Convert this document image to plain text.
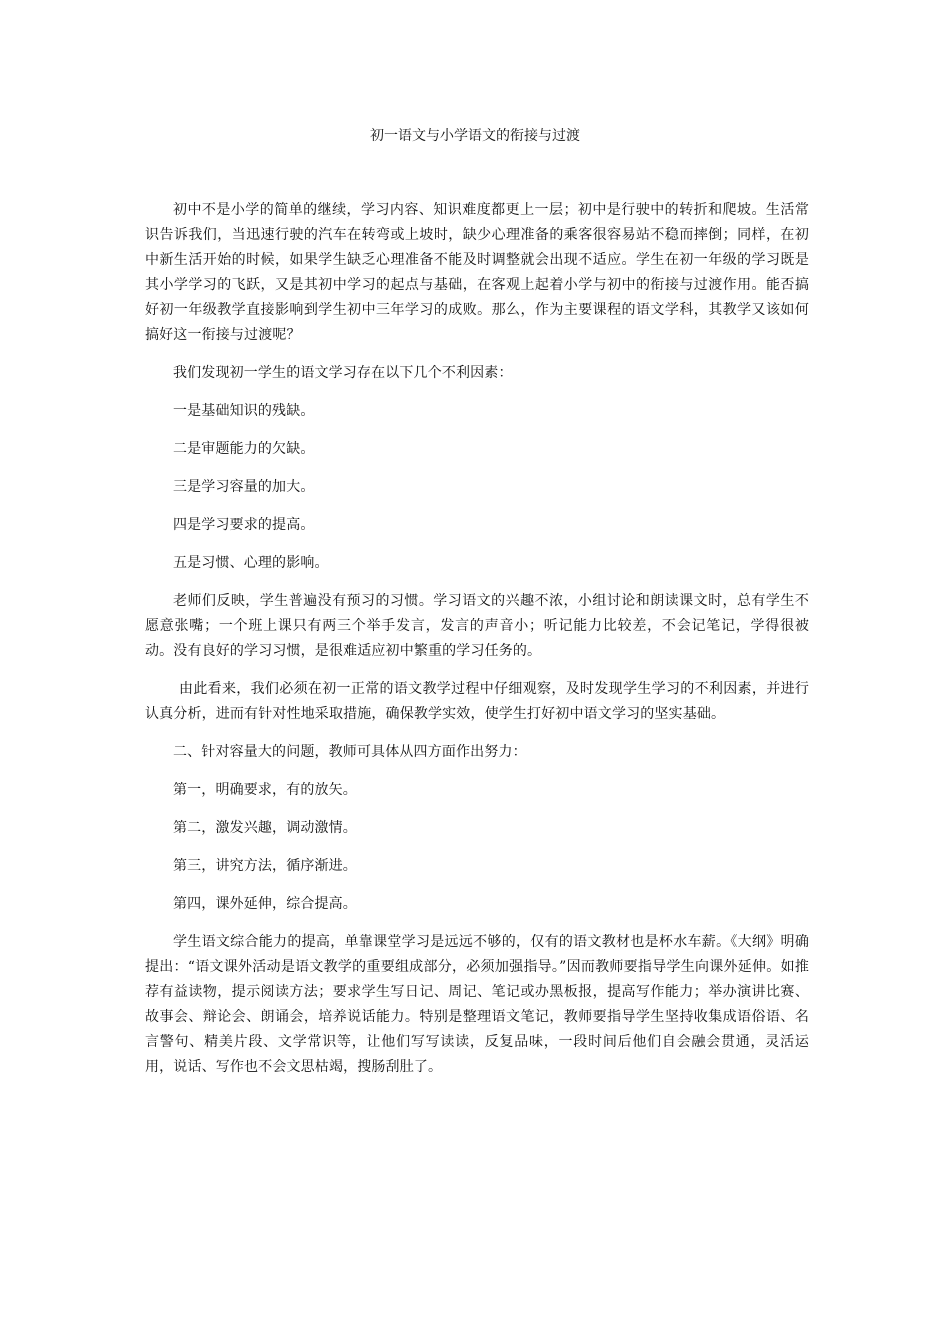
初一语文与小学语文的衔接与过渡

初中不是小学的简单的继续，学习内容、知识难度都更上一层；初中是行驶中的转折和爬坡。生活常识告诉我们，当迅速行驶的汽车在转弯或上坡时，缺少心理准备的乘客很容易站不稳而摔倒；同样，在初中新生活开始的时候，如果学生缺乏心理准备不能及时调整就会出现不适应。学生在初一年级的学习既是其小学学习的飞跃，又是其初中学习的起点与基础，在客观上起着小学与初中的衔接与过渡作用。能否搞好初一年级教学直接影响到学生初中三年学习的成败。那么，作为主要课程的语文学科，其教学又该如何搞好这一衔接与过渡呢？

我们发现初一学生的语文学习存在以下几个不利因素：

一是基础知识的残缺。

二是审题能力的欠缺。

三是学习容量的加大。

四是学习要求的提高。

五是习惯、心理的影响。

老师们反映，学生普遍没有预习的习惯。学习语文的兴趣不浓，小组讨论和朗读课文时，总有学生不愿意张嘴；一个班上课只有两三个举手发言，发言的声音小；听记能力比较差，不会记笔记，学得很被动。没有良好的学习习惯，是很难适应初中繁重的学习任务的。

由此看来，我们必须在初一正常的语文教学过程中仔细观察，及时发现学生学习的不利因素，并进行认真分析，进而有针对性地采取措施，确保教学实效，使学生打好初中语文学习的坚实基础。

二、针对容量大的问题，教师可具体从四方面作出努力：

第一，明确要求，有的放矢。

第二，激发兴趣，调动激情。

第三，讲究方法，循序渐进。

第四，课外延伸，综合提高。

学生语文综合能力的提高，单靠课堂学习是远远不够的，仅有的语文教材也是杯水车薪。《大纲》明确提出：“语文课外活动是语文教学的重要组成部分，必须加强指导。”因而教师要指导学生向课外延伸。如推荐有益读物，提示阅读方法；要求学生写日记、周记、笔记或办黑板报，提高写作能力；举办演讲比赛、故事会、辩论会、朗诵会，培养说话能力。特别是整理语文笔记，教师要指导学生坚持收集成语俗语、名言警句、精美片段、文学常识等，让他们写写读读，反复品味，一段时间后他们自会融会贯通，灵活运用，说话、写作也不会文思枯竭，搜肠刮肚了。
